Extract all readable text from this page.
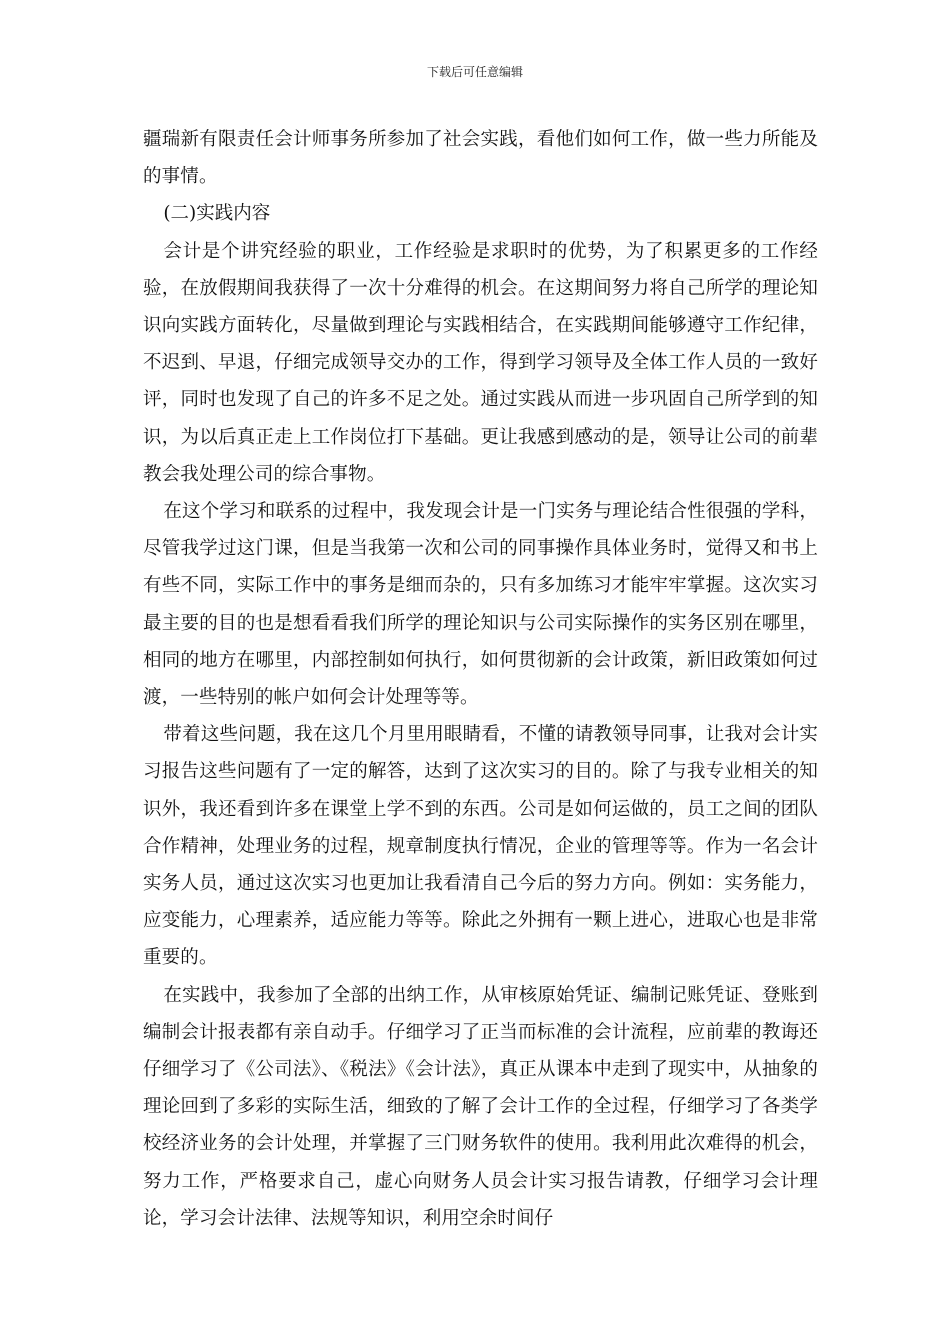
下载后可任意编辑

疆瑞新有限责任会计师事务所参加了社会实践，看他们如何工作，做一些力所能及的事情。

(二)实践内容

会计是个讲究经验的职业，工作经验是求职时的优势，为了积累更多的工作经验，在放假期间我获得了一次十分难得的机会。在这期间努力将自己所学的理论知识向实践方面转化，尽量做到理论与实践相结合，在实践期间能够遵守工作纪律，不迟到、早退，仔细完成领导交办的工作，得到学习领导及全体工作人员的一致好评，同时也发现了自己的许多不足之处。通过实践从而进一步巩固自己所学到的知识，为以后真正走上工作岗位打下基础。更让我感到感动的是，领导让公司的前辈教会我处理公司的综合事物。

在这个学习和联系的过程中，我发现会计是一门实务与理论结合性很强的学科，尽管我学过这门课，但是当我第一次和公司的同事操作具体业务时，觉得又和书上有些不同，实际工作中的事务是细而杂的，只有多加练习才能牢牢掌握。这次实习最主要的目的也是想看看我们所学的理论知识与公司实际操作的实务区别在哪里，相同的地方在哪里，内部控制如何执行，如何贯彻新的会计政策，新旧政策如何过渡，一些特别的帐户如何会计处理等等。

带着这些问题，我在这几个月里用眼睛看，不懂的请教领导同事，让我对会计实习报告这些问题有了一定的解答，达到了这次实习的目的。除了与我专业相关的知识外，我还看到许多在课堂上学不到的东西。公司是如何运做的，员工之间的团队合作精神，处理业务的过程，规章制度执行情况，企业的管理等等。作为一名会计实务人员，通过这次实习也更加让我看清自己今后的努力方向。例如：实务能力，应变能力，心理素养，适应能力等等。除此之外拥有一颗上进心，进取心也是非常重要的。

在实践中，我参加了全部的出纳工作，从审核原始凭证、编制记账凭证、登账到编制会计报表都有亲自动手。仔细学习了正当而标准的会计流程，应前辈的教诲还仔细学习了《公司法》、《税法》《会计法》，真正从课本中走到了现实中，从抽象的理论回到了多彩的实际生活，细致的了解了会计工作的全过程，仔细学习了各类学校经济业务的会计处理，并掌握了三门财务软件的使用。我利用此次难得的机会，努力工作，严格要求自己，虚心向财务人员会计实习报告请教，仔细学习会计理论，学习会计法律、法规等知识，利用空余时间仔
